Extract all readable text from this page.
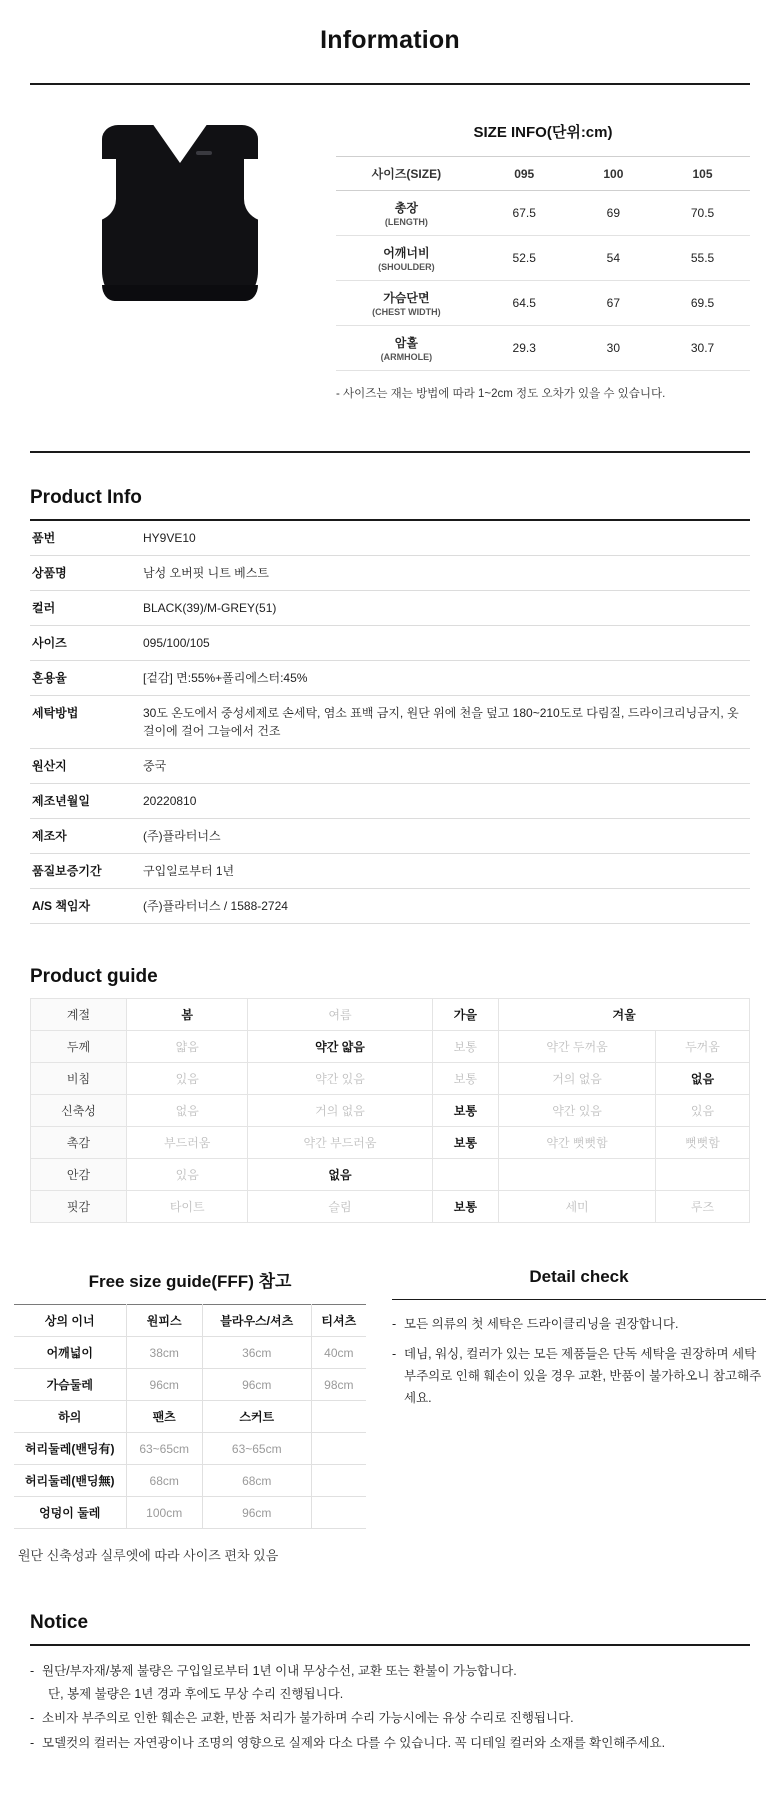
Information
SIZE INFO(단위:cm)
사이즈(SIZE)	095	100	105
총장
(LENGTH)	67.5	69	70.5
어깨너비
(SHOULDER)	52.5	54	55.5
가슴단면
(CHEST WIDTH)	64.5	67	69.5
암홀
(ARMHOLE)	29.3	30	30.7
- 사이즈는 재는 방법에 따라 1~2cm 정도 오차가 있을 수 있습니다.
Product Info
품번	HY9VE10
상품명	남성 오버핏 니트 베스트
컬러	BLACK(39)/M-GREY(51)
사이즈	095/100/105
혼용율	[겉감] 면:55%+폴리에스터:45%
세탁방법	30도 온도에서 중성세제로 손세탁, 염소 표백 금지, 원단 위에 천을 덮고 180~210도로 다림질, 드라이크리닝금지, 옷걸이에 걸어 그늘에서 건조
원산지	중국
제조년월일	20220810
제조자	(주)플라터너스
품질보증기간	구입일로부터 1년
A/S 책임자	(주)플라터너스 / 1588-2724
Product guide
계절	봄	여름	가을	겨울	
두께	얇음	약간 얇음	보통	약간 두꺼움	두꺼움
비침	있음	약간 있음	보통	거의 없음	없음
신축성	없음	거의 없음	보통	약간 있음	있음
촉감	부드러움	약간 부드러움	보통	약간 뻣뻣함	뻣뻣함
안감	있음	없음			
핏감	타이트	슬림	보통	세미	루즈
Free size guide(FFF) 참고
상의 이너	원피스	블라우스/셔츠	티셔츠
어깨넓이	38cm	36cm	40cm
가슴둘레	96cm	96cm	98cm
하의	팬츠	스커트	
허리둘레(밴딩有)	63~65cm	63~65cm	
허리둘레(밴딩無)	68cm	68cm	
엉덩이 둘레	100cm	96cm	
원단 신축성과 실루엣에 따라 사이즈 편차 있음
Detail check
- 모든 의류의 첫 세탁은 드라이클리닝을 권장합니다.
- 데님, 워싱, 컬러가 있는 모든 제품들은 단독 세탁을 권장하며 세탁 부주의로 인해 훼손이 있을 경우 교환, 반품이 불가하오니 참고해주세요.
Notice
- 원단/부자재/봉제 불량은 구입일로부터 1년 이내 무상수선, 교환 또는 환불이 가능합니다.
단, 봉제 불량은 1년 경과 후에도 무상 수리 진행됩니다.
- 소비자 부주의로 인한 훼손은 교환, 반품 처리가 불가하며 수리 가능시에는 유상 수리로 진행됩니다.
- 모델컷의 컬러는 자연광이나 조명의 영향으로 실제와 다소 다를 수 있습니다. 꼭 디테일 컬러와 소재를 확인해주세요.
